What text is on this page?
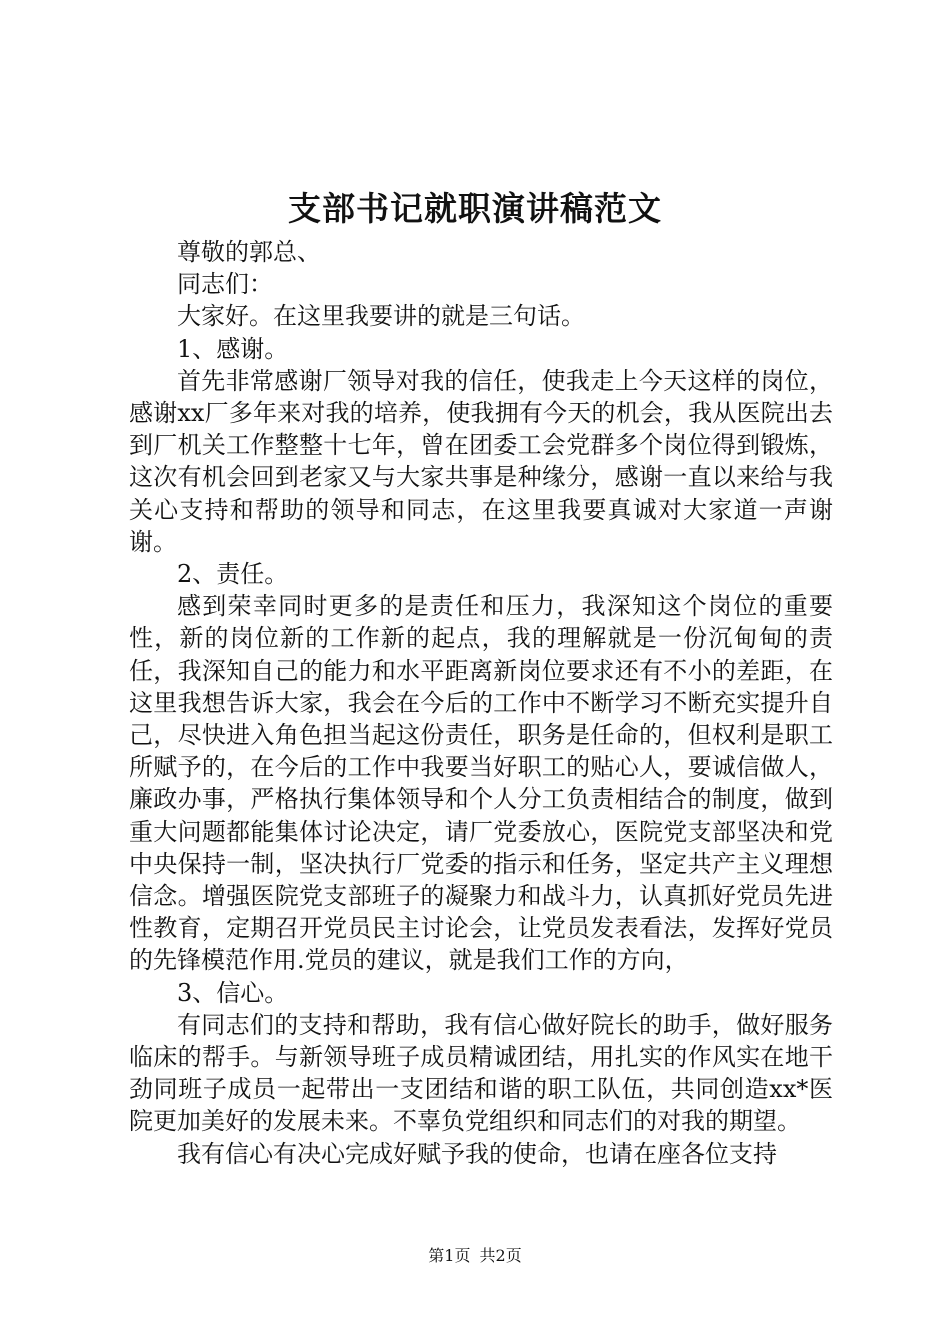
支部书记就职演讲稿范文

尊敬的郭总、

同志们：

大家好。在这里我要讲的就是三句话。

1、感谢。

首先非常感谢厂领导对我的信任，使我走上今天这样的岗位，感谢xx厂多年来对我的培养，使我拥有今天的机会，我从医院出去到厂机关工作整整十七年，曾在团委工会党群多个岗位得到锻炼，这次有机会回到老家又与大家共事是种缘分，感谢一直以来给与我关心支持和帮助的领导和同志，在这里我要真诚对大家道一声谢谢。

2、责任。

感到荣幸同时更多的是责任和压力，我深知这个岗位的重要性，新的岗位新的工作新的起点，我的理解就是一份沉甸甸的责任，我深知自己的能力和水平距离新岗位要求还有不小的差距，在这里我想告诉大家，我会在今后的工作中不断学习不断充实提升自己，尽快进入角色担当起这份责任，职务是任命的，但权利是职工所赋予的，在今后的工作中我要当好职工的贴心人，要诚信做人，廉政办事，严格执行集体领导和个人分工负责相结合的制度，做到重大问题都能集体讨论决定，请厂党委放心，医院党支部坚决和党中央保持一制，坚决执行厂党委的指示和任务，坚定共产主义理想信念。增强医院党支部班子的凝聚力和战斗力，认真抓好党员先进性教育，定期召开党员民主讨论会，让党员发表看法，发挥好党员的先锋模范作用.党员的建议，就是我们工作的方向，

3、信心。

有同志们的支持和帮助，我有信心做好院长的助手，做好服务临床的帮手。与新领导班子成员精诚团结，用扎实的作风实在地干劲同班子成员一起带出一支团结和谐的职工队伍，共同创造xx*医院更加美好的发展未来。不辜负党组织和同志们的对我的期望。

我有信心有决心完成好赋予我的使命，也请在座各位支持

第1页 共2页
